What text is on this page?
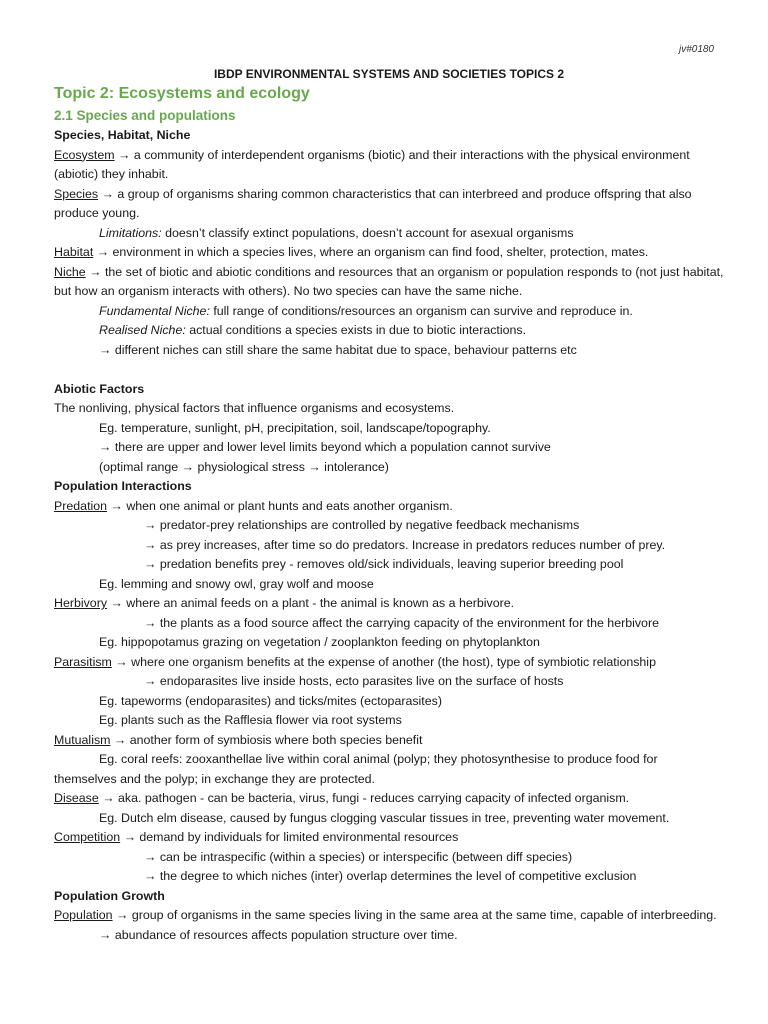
jv#0180
IBDP ENVIRONMENTAL SYSTEMS AND SOCIETIES TOPICS 2
Topic 2: Ecosystems and ecology
2.1 Species and populations
Species, Habitat, Niche
Ecosystem → a community of interdependent organisms (biotic) and their interactions with the physical environment (abiotic) they inhabit.
Species → a group of organisms sharing common characteristics that can interbreed and produce offspring that also produce young.
Limitations: doesn’t classify extinct populations, doesn’t account for asexual organisms
Habitat → environment in which a species lives, where an organism can find food, shelter, protection, mates.
Niche → the set of biotic and abiotic conditions and resources that an organism or population responds to (not just habitat, but how an organism interacts with others). No two species can have the same niche.
Fundamental Niche: full range of conditions/resources an organism can survive and reproduce in.
Realised Niche: actual conditions a species exists in due to biotic interactions.
→ different niches can still share the same habitat due to space, behaviour patterns etc
Abiotic Factors
The nonliving, physical factors that influence organisms and ecosystems.
Eg. temperature, sunlight, pH, precipitation, soil, landscape/topography.
→ there are upper and lower level limits beyond which a population cannot survive
(optimal range → physiological stress → intolerance)
Population Interactions
Predation → when one animal or plant hunts and eats another organism.
→ predator-prey relationships are controlled by negative feedback mechanisms
→ as prey increases, after time so do predators. Increase in predators reduces number of prey.
→ predation benefits prey - removes old/sick individuals, leaving superior breeding pool
Eg. lemming and snowy owl, gray wolf and moose
Herbivory → where an animal feeds on a plant - the animal is known as a herbivore.
→ the plants as a food source affect the carrying capacity of the environment for the herbivore
Eg. hippopotamus grazing on vegetation / zooplankton feeding on phytoplankton
Parasitism → where one organism benefits at the expense of another (the host), type of symbiotic relationship
→ endoparasites live inside hosts, ecto parasites live on the surface of hosts
Eg. tapeworms (endoparasites) and ticks/mites (ectoparasites)
Eg. plants such as the Rafflesia flower via root systems
Mutualism → another form of symbiosis where both species benefit
Eg. coral reefs: zooxanthellae live within coral animal (polyp; they photosynthesise to produce food for
themselves and the polyp; in exchange they are protected.
Disease → aka. pathogen - can be bacteria, virus, fungi - reduces carrying capacity of infected organism.
Eg. Dutch elm disease, caused by fungus clogging vascular tissues in tree, preventing water movement.
Competition → demand by individuals for limited environmental resources
→ can be intraspecific (within a species) or interspecific (between diff species)
→ the degree to which niches (inter) overlap determines the level of competitive exclusion
Population Growth
Population → group of organisms in the same species living in the same area at the same time, capable of interbreeding.
→ abundance of resources affects population structure over time.
